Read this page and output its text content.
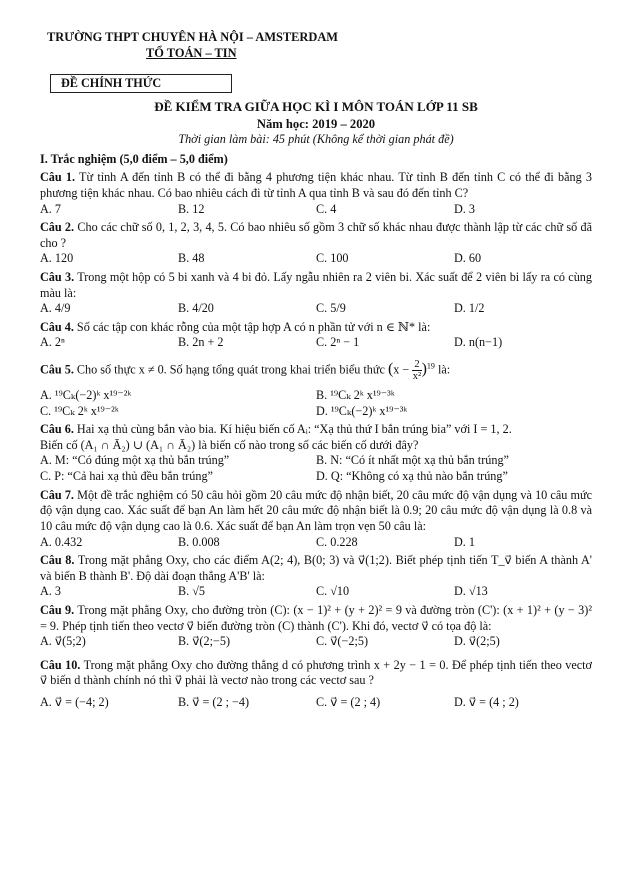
TRƯỜNG THPT CHUYÊN HÀ NỘI – AMSTERDAM
TỔ TOÁN – TIN
ĐỀ CHÍNH THỨC
ĐỀ KIỂM TRA GIỮA HỌC KÌ I MÔN TOÁN LỚP 11 SB
Năm học: 2019 – 2020
Thời gian làm bài: 45 phút (Không kể thời gian phát đề)
I. Trắc nghiệm (5,0 điểm – 5,0 điểm)
Câu 1. Từ tỉnh A đến tỉnh B có thể đi bằng 4 phương tiện khác nhau. Từ tỉnh B đến tỉnh C có thể đi bằng 3 phương tiện khác nhau. Có bao nhiêu cách đi từ tỉnh A qua tỉnh B và sau đó đến tỉnh C?
A. 7	B. 12	C. 4	D. 3
Câu 2. Cho các chữ số 0, 1, 2, 3, 4, 5. Có bao nhiêu số gồm 3 chữ số khác nhau được thành lập từ các chữ số đã cho ?
A. 120	B. 48	C. 100	D. 60
Câu 3. Trong một hộp có 5 bi xanh và 4 bi đỏ. Lấy ngẫu nhiên ra 2 viên bi. Xác suất để 2 viên bi lấy ra có cùng màu là:
A. 4/9	B. 4/20	C. 5/9	D. 1/2
Câu 4. Số các tập con khác rỗng của một tập hợp A có n phần tử với n ∈ ℕ* là:
A. 2ⁿ	B. 2n + 2	C. 2ⁿ − 1	D. n(n−1)
Câu 5. Cho số thực x ≠ 0. Số hạng tổng quát trong khai triển biểu thức $(x - \frac{2}{\text{x²}} )^{19}$ là:
A. ¹⁹Cₖ(−2)ᵏ x¹⁹⁻²ᵏ	B. ¹⁹Cₖ 2ᵏ x¹⁹⁻³ᵏ
C. ¹⁹Cₖ 2ᵏ x¹⁹⁻²ᵏ	D. ¹⁹Cₖ(−2)ᵏ x¹⁹⁻³ᵏ
Câu 6. Hai xạ thủ cùng bắn vào bia. Kí hiệu biến cố Aᵢ: “Xạ thủ thứ I bắn trúng bia” với I = 1, 2.
Biến cố (A₁ ∩ Ā₂) ∪ (A₁ ∩ Ā₂) là biến cố nào trong số các biến cố dưới đây?
A. M: “Có đúng một xạ thủ bắn trúng”	B. N: “Có ít nhất một xạ thủ bắn trúng”
C. P: “Cả hai xạ thủ đều bắn trúng”	D. Q: “Không có xạ thủ nào bắn trúng”
Câu 7. Một đề trắc nghiệm có 50 câu hỏi gồm 20 câu mức độ nhận biết, 20 câu mức độ vận dụng và 10 câu mức độ vận dụng cao. Xác suất để bạn An làm hết 20 câu mức độ nhận biết là 0.9; 20 câu mức độ vận dụng là 0.8 và 10 câu mức độ vận dụng cao là 0.6. Xác suất để bạn An làm trọn vẹn 50 câu là:
A. 0.432	B. 0.008	C. 0.228	D. 1
Câu 8. Trong mặt phẳng Oxy, cho các điểm A(2; 4), B(0; 3) và v⃗(1;2). Biết phép tịnh tiến T_v⃗ biến A thành A' và biến B thành B'. Độ dài đoạn thẳng A'B' là:
A. 3	B. √5	C. √10	D. √13
Câu 9. Trong mặt phẳng Oxy, cho đường tròn (C): (x − 1)² + (y + 2)² = 9 và đường tròn (C'): (x + 1)² + (y − 3)² = 9. Phép tịnh tiến theo vectơ v⃗ biến đường tròn (C) thành (C'). Khi đó, vectơ v⃗ có tọa độ là:
A. v⃗(5;2)	B. v⃗(2;−5)	C. v⃗(−2;5)	D. v⃗(2;5)
Câu 10. Trong mặt phẳng Oxy cho đường thẳng d có phương trình x + 2y − 1 = 0. Để phép tịnh tiến theo vectơ v⃗ biến d thành chính nó thì v⃗ phải là vectơ nào trong các vectơ sau ?
A. v⃗ = (−4; 2)	B. v⃗ = (2 ; −4)	C. v⃗ = (2 ; 4)	D. v⃗ = (4 ; 2)
